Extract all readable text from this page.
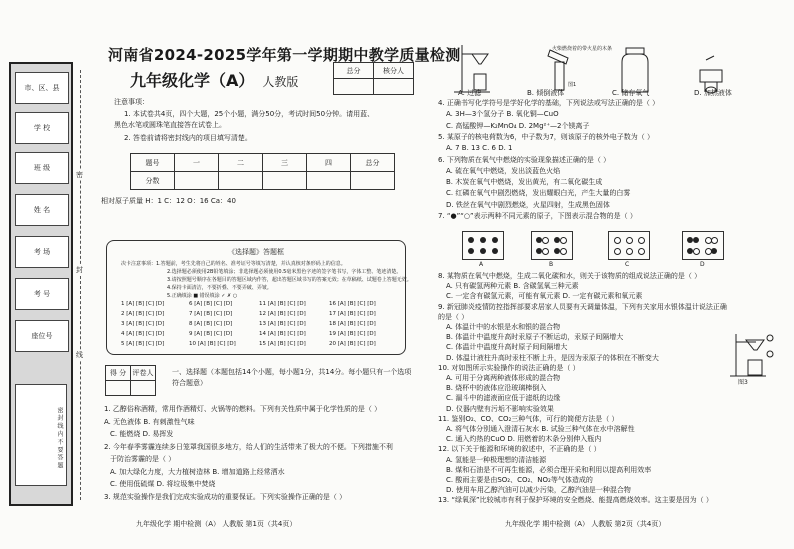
市、区、县
学 校
班 级
姓 名
考 场
考 号
座位号
密 封 线 内 不 要 答 题
密
封
线
河南省2024-2025学年第一学期期中教学质量检测
九年级化学（A） 人教版
总分	核分人

注意事项：
1. 本试卷共4页，四个大题，25个小题，满分50分，考试时间50分钟。请用蓝、
黑色水笔或圆珠笔直接答在试卷上。
2. 答卷前请将密封线内的项目填写清楚。
题号	一	二	三	四	总分
分数					
相对原子质量 H：1 C：12 O：16 Ca：40
《选择题》答题框
决卡注意事项：1.答题前，考生先将自己的姓名、准考证号等填写清楚，并认真核对条形码上的信息。
2.选择题必须使用2B铅笔填涂；非选择题必须使用0.5毫米黑色字迹的签字笔书写，字体工整、笔迹清楚。
3.请按照题号顺序在各题目的答题区域内作答，超出答题区域书写的答案无效；在草稿纸、试题卷上答题无效。
4.保持卡面清洁，不要折叠、不要弄破、弄皱。
5.正确填涂 ■ 错误填涂 ✓ ✗ ○
1 [A] [B] [C] [D]	6 [A] [B] [C] [D]	11 [A] [B] [C] [D]	16 [A] [B] [C] [D]
2 [A] [B] [C] [D]	7 [A] [B] [C] [D]	12 [A] [B] [C] [D]	17 [A] [B] [C] [D]
3 [A] [B] [C] [D]	8 [A] [B] [C] [D]	13 [A] [B] [C] [D]	18 [A] [B] [C] [D]
4 [A] [B] [C] [D]	9 [A] [B] [C] [D]	14 [A] [B] [C] [D]	19 [A] [B] [C] [D]
5 [A] [B] [C] [D]	10 [A] [B] [C] [D]	15 [A] [B] [C] [D]	20 [A] [B] [C] [D]
得 分	评卷人
		一、选择题（本题包括14个小题，每小题1分，共14分。每小题只有一个选项符合题意）
1. 乙醇俗称酒精，常用作酒精灯、火锅等的燃料。下列有关性质中属于化学性质的是（ ）
A. 无色液体 B. 有刺激性气味
C. 能燃烧 D. 易挥发
2. 今年春季雾霾连续多日笼罩我国很多地方，给人们的生活带来了极大的不便。下列措施不利
于防治雾霾的是（ ）
A. 加大绿化力度，大力植树造林 B. 增加道路上经常洒水
C. 使用低硫煤 D. 将垃圾集中焚烧
3. 规范实验操作是我们完成实验成功的重要保证。下列实验操作正确的是（ ）
九年级化学 期中检测（A） 人教版 第1页（共4页）
火柴燃烧着的带火星的木条
图1
A. 过滤	B. 倾倒液体	C. 储存氧气	D. 加热液体
4. 正确书写化学符号是学好化学的基础，下列说法或写法正确的是（ ）
A. 3H—3个氢分子 B. 氧化铜—CuO
C. 高锰酸钾—K₂MnO₄ D. 2Mg²⁺—2个镁离子
5. 某原子的核电荷数为6，中子数为7，则该原子的核外电子数为（ ）
A. 7 B. 13 C. 6 D. 1
6. 下列物质在氧气中燃烧的实验现象描述正确的是（ ）
A. 硫在氧气中燃烧，发出淡蓝色火焰
B. 木炭在氧气中燃烧，发出黄光，有二氧化碳生成
C. 红磷在氧气中剧烈燃烧，发出耀眼白光，产生大量的白雾
D. 铁丝在氧气中剧烈燃烧，火星四射，生成黑色固体
7. “●”“○”表示两种不同元素的原子，下图表示混合物的是（ ）
8. 某物质在氧气中燃烧，生成二氧化碳和水，则关于该物质的组成说法正确的是（ ）
A. 只有碳氢两种元素 B. 含碳氢氧三种元素
C. 一定含有碳氢元素，可能有氧元素 D. 一定有碳元素和氧元素
9. 新冠肺炎疫情防控指挥部要求居家人员要有天调量体温，下列有关家用水银体温计说法正确
的是（ ）
A. 体温计中的水银是水和银的混合物
B. 体温计中温度升高时汞原子不断运动，汞原子间隔增大
C. 体温计中温度升高时原子间间隔增大
D. 体温计液柱升高时汞柱不断上升，是因为汞原子的体积在不断变大
10. 对如图所示实验操作的说法正确的是（ ）
A. 可用于分离两种液体形成的混合物
B. 烧杯中的液体应沿玻璃棒倒入
C. 漏斗中的滤液面应低于滤纸的边缘
D. 仪器内壁有污垢不影响实验效果
11. 鉴别O₂、CO、CO₂三种气体，可行的简便方法是（ ）
A. 将气体分别通入澄清石灰水 B. 试验三种气体在水中溶解性
C. 通入灼热的CuO D. 用燃着的木条分别伸入瓶内
12. 以下关于能源和环境的叙述中，不正确的是（ ）
A. 氢能是一种极理想的清洁能源
B. 煤和石油是不可再生能源，必须合理开采和利用以提高利用效率
C. 酸雨主要是由SO₂、CO₂、NO₂等气体造成的
D. 使用车用乙醇汽油可以减少污染，乙醇汽油是一种混合物
13. “绿氧深”比较城市有利于保护环境的安全燃烧、能提高燃烧效率。这主要是因为（ ）
A	B	C	D
图3
九年级化学 期中检测（A） 人教版 第2页（共4页）
